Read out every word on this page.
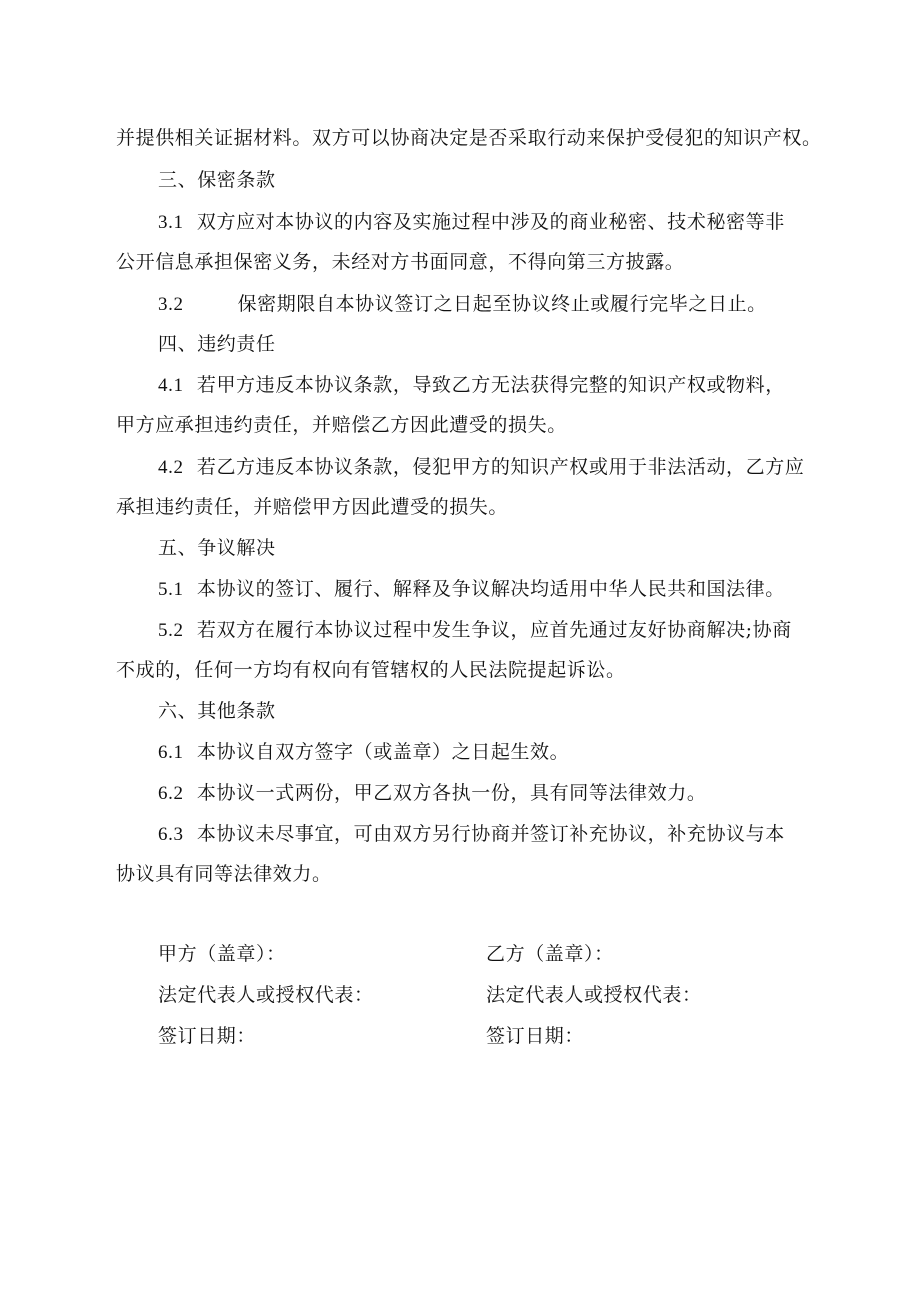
并提供相关证据材料。双方可以协商决定是否采取行动来保护受侵犯的知识产权。
三、保密条款
3.1 双方应对本协议的内容及实施过程中涉及的商业秘密、技术秘密等非
公开信息承担保密义务，未经对方书面同意，不得向第三方披露。
3.2	保密期限自本协议签订之日起至协议终止或履行完毕之日止。
四、违约责任
4.1 若甲方违反本协议条款，导致乙方无法获得完整的知识产权或物料，
甲方应承担违约责任，并赔偿乙方因此遭受的损失。
4.2 若乙方违反本协议条款，侵犯甲方的知识产权或用于非法活动，乙方应
承担违约责任，并赔偿甲方因此遭受的损失。
五、争议解决
5.1 本协议的签订、履行、解释及争议解决均适用中华人民共和国法律。
5.2 若双方在履行本协议过程中发生争议，应首先通过友好协商解决;协商
不成的，任何一方均有权向有管辖权的人民法院提起诉讼。
六、其他条款
6.1 本协议自双方签字（或盖章）之日起生效。
6.2 本协议一式两份，甲乙双方各执一份，具有同等法律效力。
6.3 本协议未尽事宜，可由双方另行协商并签订补充协议，补充协议与本
协议具有同等法律效力。
甲方（盖章）：	乙方（盖章）：
法定代表人或授权代表：	法定代表人或授权代表：
签订日期：	签订日期：
